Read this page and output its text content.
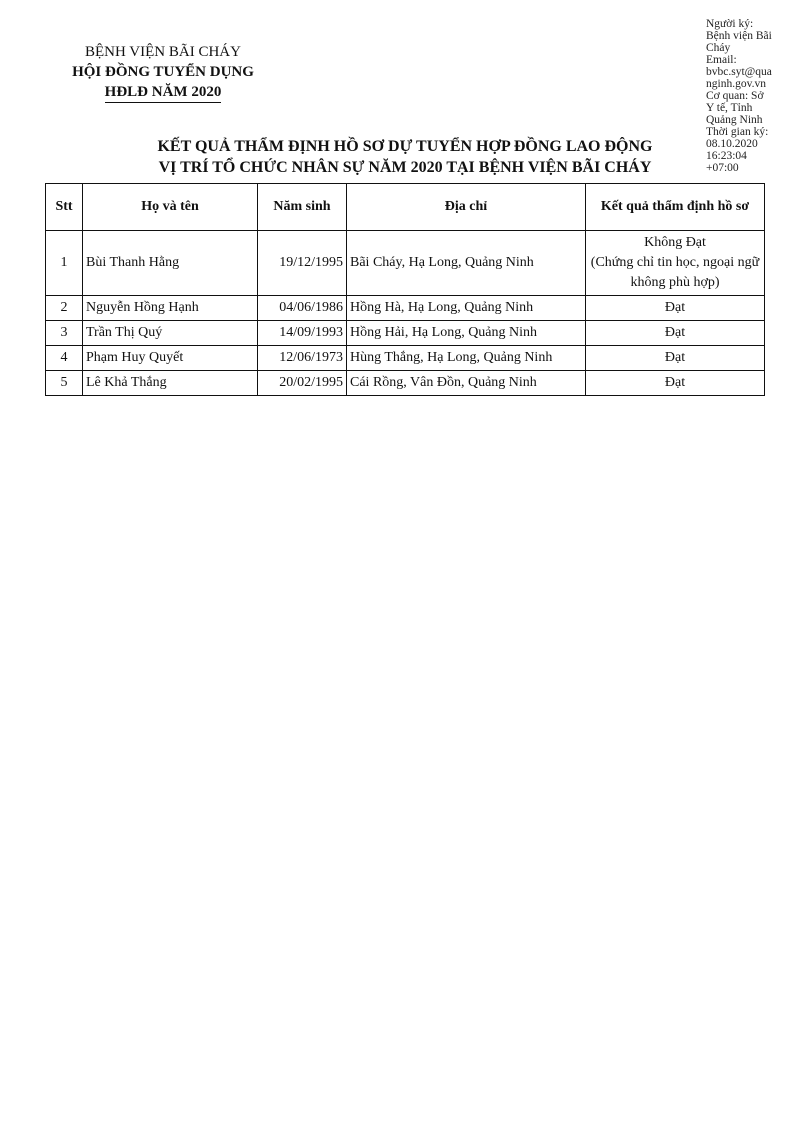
BỆNH VIỆN BÃI CHÁY
HỘI ĐỒNG TUYỂN DỤNG
HĐLĐ NĂM 2020
Người ký:
Bệnh viện Bãi
Cháy
Email:
bvbc.syt@qua
nginh.gov.vn
Cơ quan: Sở
Y tế, Tỉnh
Quảng Ninh
Thời gian ký:
08.10.2020
16:23:04
+07:00
KẾT QUẢ THẨM ĐỊNH HỒ SƠ DỰ TUYỂN HỢP ĐỒNG LAO ĐỘNG
VỊ TRÍ TỔ CHỨC NHÂN SỰ NĂM 2020 TẠI BỆNH VIỆN BÃI CHÁY
Stt	Họ và tên	Năm sinh	Địa chỉ	Kết quả thẩm định hồ sơ
1	Bùi Thanh Hằng	19/12/1995	Bãi Cháy, Hạ Long, Quảng Ninh	Không Đạt
(Chứng chỉ tin học, ngoại ngữ không phù hợp)

2	Nguyễn Hồng Hạnh	04/06/1986	Hồng Hà, Hạ Long, Quảng Ninh	Đạt
3	Trần Thị Quý	14/09/1993	Hồng Hải, Hạ Long, Quảng Ninh	Đạt
4	Phạm Huy Quyết	12/06/1973	Hùng Thắng, Hạ Long, Quảng Ninh	Đạt
5	Lê Khả Thắng	20/02/1995	Cái Rồng, Vân Đồn, Quảng Ninh	Đạt
